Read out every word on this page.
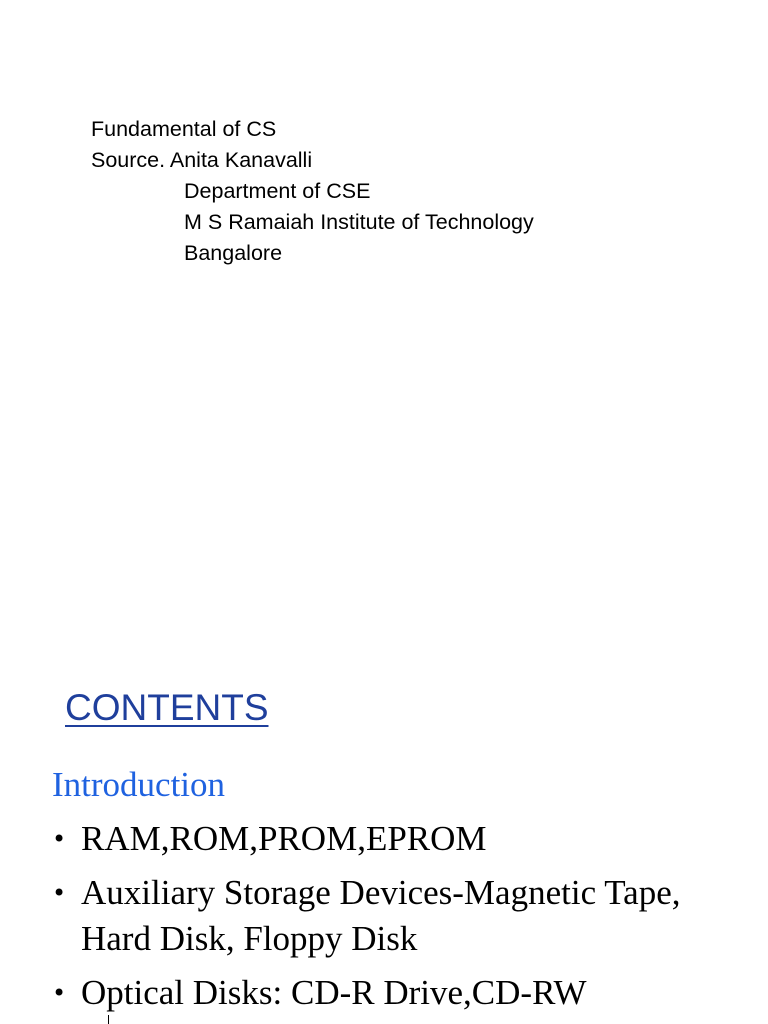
Fundamental of CS
Source. Anita Kanavalli
Department of CSE
M S Ramaiah Institute of Technology
Bangalore
CONTENTS
Introduction
• RAM,ROM,PROM,EPROM
• Auxiliary Storage Devices-Magnetic Tape, Hard Disk, Floppy Disk
• Optical Disks: CD-R Drive,CD-RW
